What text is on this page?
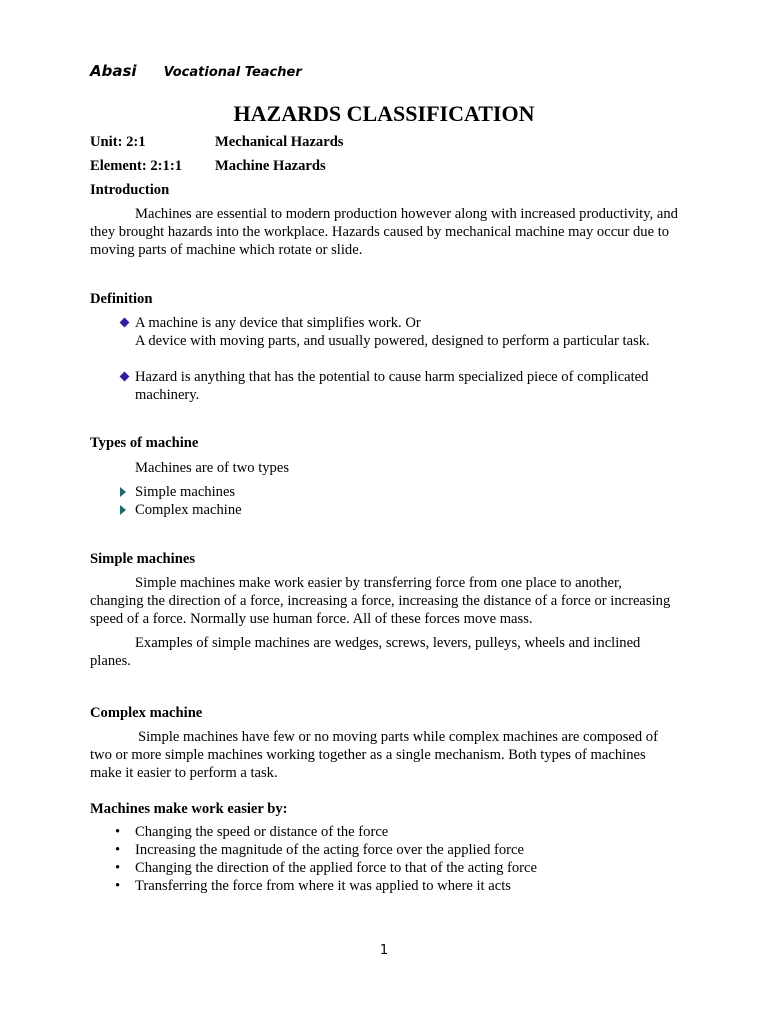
Abasi Vocational Teacher
HAZARDS CLASSIFICATION
Unit: 2:1	Mechanical Hazards
Element: 2:1:1 Machine Hazards
Introduction
Machines are essential to modern production however along with increased productivity, and they brought hazards into the workplace. Hazards caused by mechanical machine may occur due to moving parts of machine which rotate or slide.
Definition
A machine is any device that simplifies work. Or
A device with moving parts, and usually powered, designed to perform a particular task.
Hazard is anything that has the potential to cause harm specialized piece of complicated machinery.
Types of machine
Machines are of two types
Simple machines
Complex machine
Simple machines
Simple machines make work easier by transferring force from one place to another, changing the direction of a force, increasing a force, increasing the distance of a force or increasing speed of a force. Normally use human force. All of these forces move mass.
Examples of simple machines are wedges, screws, levers, pulleys, wheels and inclined planes.
Complex machine
Simple machines have few or no moving parts while complex machines are composed of two or more simple machines working together as a single mechanism. Both types of machines make it easier to perform a task.
Machines make work easier by:
• Changing the speed or distance of the force
• Increasing the magnitude of the acting force over the applied force
• Changing the direction of the applied force to that of the acting force
• Transferring the force from where it was applied to where it acts
1
